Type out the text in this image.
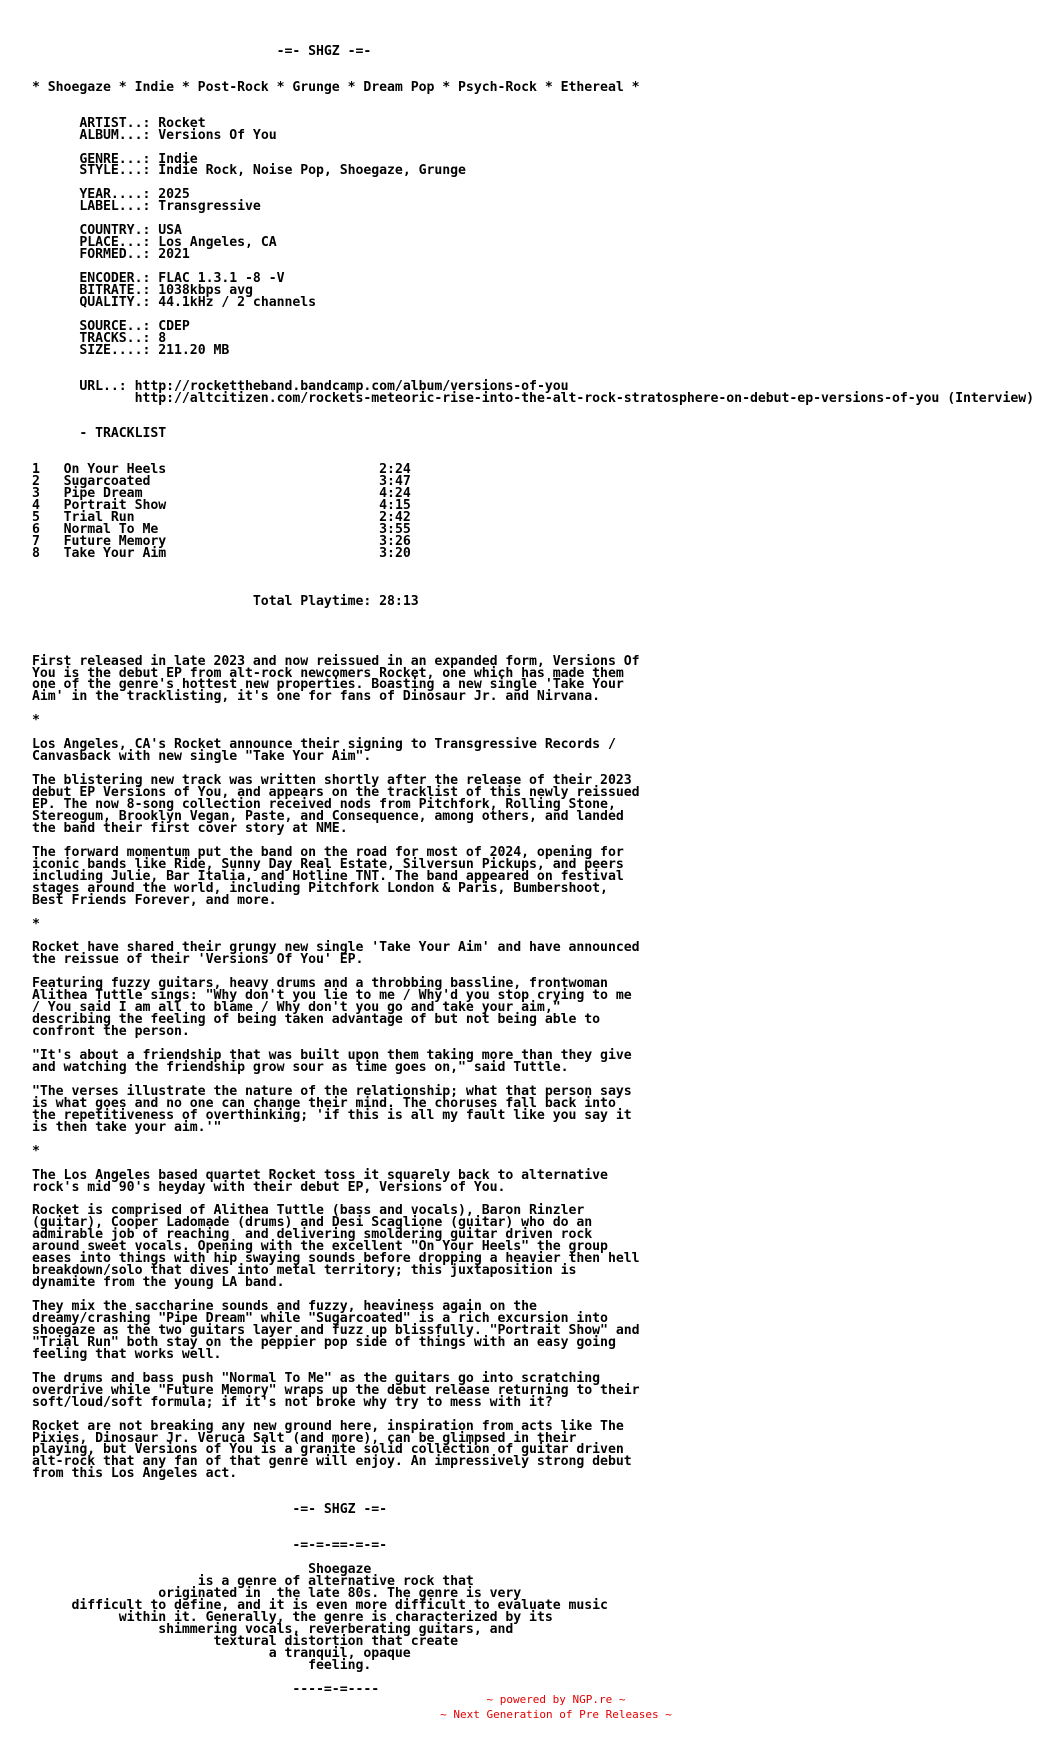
-=- SHGZ -=-

* Shoegaze * Indie * Post-Rock * Grunge * Dream Pop * Psych-Rock * Ethereal *

ARTIST..: Rocket
ALBUM...: Versions Of You

GENRE...: Indie
STYLE...: Indie Rock, Noise Pop, Shoegaze, Grunge

YEAR....: 2025
LABEL...: Transgressive

COUNTRY.: USA
PLACE...: Los Angeles, CA
FORMED..: 2021

ENCODER.: FLAC 1.3.1 -8 -V
BITRATE.: 1038kbps avg
QUALITY.: 44.1kHz / 2 channels

SOURCE..: CDEP
TRACKS..: 8
SIZE....: 211.20 MB

URL..: http://rockettheband.bandcamp.com/album/versions-of-you
http://altcitizen.com/rockets-meteoric-rise-into-the-alt-rock-stratosphere-on-debut-ep-versions-of-you (Interview)

- TRACKLIST

1 On Your Heels	2:24
2 Sugarcoated	3:47
3 Pipe Dream	4:24
4 Portrait Show	4:15
5 Trial Run	2:42
6 Normal To Me	3:55
7 Future Memory	3:26
8 Take Your Aim	3:20

Total Playtime: 28:13

First released in late 2023 and now reissued in an expanded form, Versions Of
You is the debut EP from alt-rock newcomers Rocket, one which has made them
one of the genre's hottest new properties. Boasting a new single 'Take Your
Aim' in the tracklisting, it's one for fans of Dinosaur Jr. and Nirvana.

*

Los Angeles, CA's Rocket announce their signing to Transgressive Records /
Canvasback with new single "Take Your Aim".

The blistering new track was written shortly after the release of their 2023
debut EP Versions of You, and appears on the tracklist of this newly reissued
EP. The now 8-song collection received nods from Pitchfork, Rolling Stone,
Stereogum, Brooklyn Vegan, Paste, and Consequence, among others, and landed
the band their first cover story at NME.

The forward momentum put the band on the road for most of 2024, opening for
iconic bands like Ride, Sunny Day Real Estate, Silversun Pickups, and peers
including Julie, Bar Italia, and Hotline TNT. The band appeared on festival
stages around the world, including Pitchfork London & Paris, Bumbershoot,
Best Friends Forever, and more.

*

Rocket have shared their grungy new single 'Take Your Aim' and have announced
the reissue of their 'Versions Of You' EP.

Featuring fuzzy guitars, heavy drums and a throbbing bassline, frontwoman
Alithea Tuttle sings: "Why don't you lie to me / Why'd you stop crying to me
/ You said I am all to blame / Why don't you go and take your aim,"
describing the feeling of being taken advantage of but not being able to
confront the person.

"It's about a friendship that was built upon them taking more than they give
and watching the friendship grow sour as time goes on," said Tuttle.

"The verses illustrate the nature of the relationship; what that person says
is what goes and no one can change their mind. The choruses fall back into
the repetitiveness of overthinking; 'if this is all my fault like you say it
is then take your aim.'"

*

The Los Angeles based quartet Rocket toss it squarely back to alternative
rock's mid 90's heyday with their debut EP, Versions of You.

Rocket is comprised of Alithea Tuttle (bass and vocals), Baron Rinzler
(guitar), Cooper Ladomade (drums) and Desi Scaglione (guitar) who do an
admirable job of reaching  and delivering smoldering guitar driven rock
around sweet vocals. Opening with the excellent "On Your Heels" the group
eases into things with hip swaying sounds before dropping a heavier then hell
breakdown/solo that dives into metal territory; this juxtaposition is
dynamite from the young LA band.

They mix the saccharine sounds and fuzzy, heaviness again on the
dreamy/crashing "Pipe Dream" while "Sugarcoated" is a rich excursion into
shoegaze as the two guitars layer and fuzz up blissfully. "Portrait Show" and
"Trial Run" both stay on the peppier pop side of things with an easy going
feeling that works well.

The drums and bass push "Normal To Me" as the guitars go into scratching
overdrive while "Future Memory" wraps up the debut release returning to their
soft/loud/soft formula; if it's not broke why try to mess with it?

Rocket are not breaking any new ground here, inspiration from acts like The
Pixies, Dinosaur Jr. Veruca Salt (and more), can be glimpsed in their
playing, but Versions of You is a granite solid collection of guitar driven
alt-rock that any fan of that genre will enjoy. An impressively strong debut
from this Los Angeles act.

-=- SHGZ -=-

-=-=-==-=-=-

Shoegaze
is a genre of alternative rock that
originated in  the late 80s. The genre is very
difficult to define, and it is even more difficult to evaluate music
within it. Generally, the genre is characterized by its
shimmering vocals, reverberating guitars, and
textural distortion that create
a tranquil, opaque
feeling.

----=-=----

~ powered by NGP.re ~
~ Next Generation of Pre Releases ~
